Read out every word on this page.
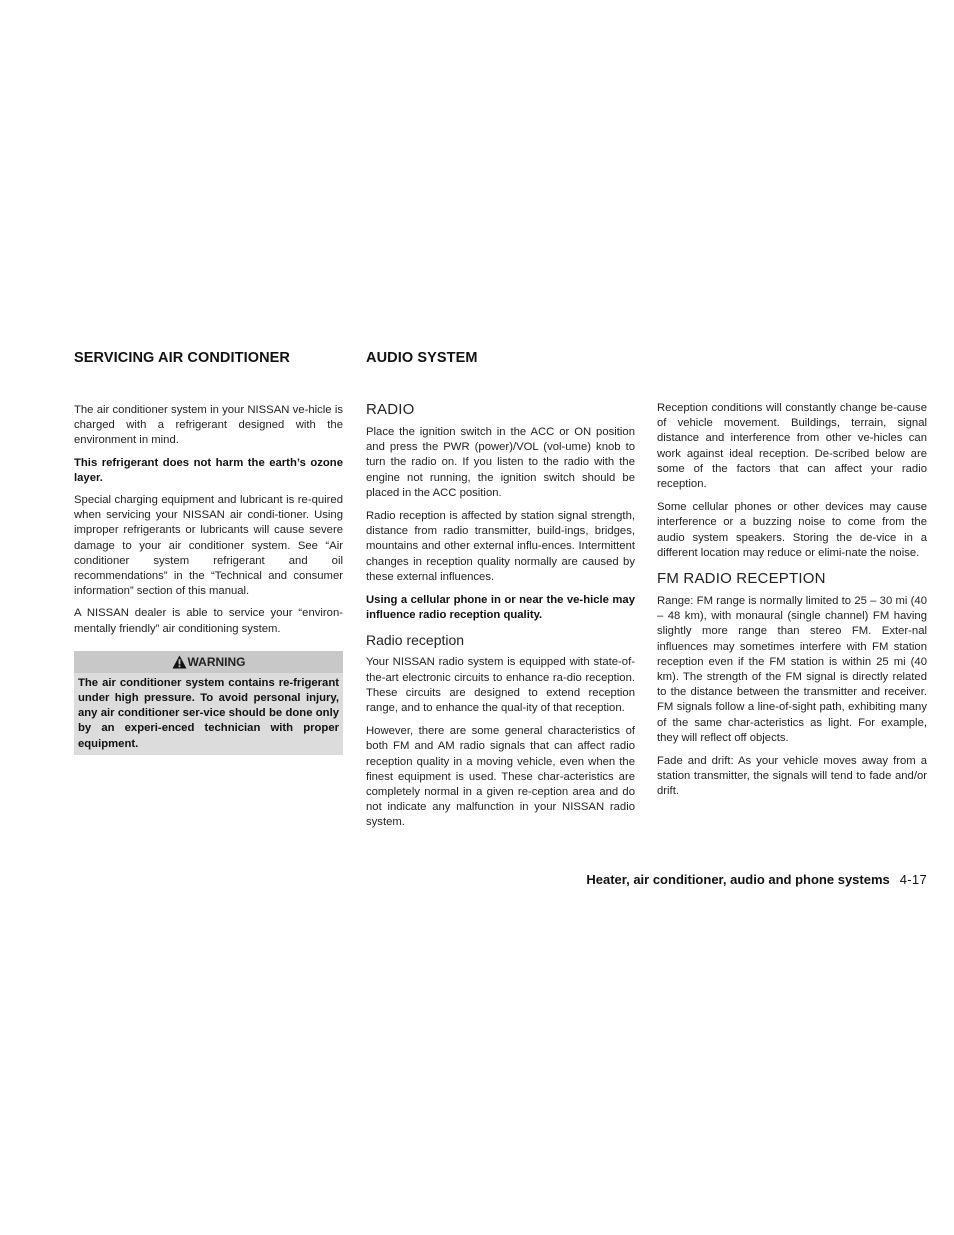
SERVICING AIR CONDITIONER

The air conditioner system in your NISSAN ve-hicle is charged with a refrigerant designed with the environment in mind.

This refrigerant does not harm the earth’s ozone layer.

Special charging equipment and lubricant is re-quired when servicing your NISSAN air condi-tioner. Using improper refrigerants or lubricants will cause severe damage to your air conditioner system. See “Air conditioner system refrigerant and oil recommendations” in the “Technical and consumer information” section of this manual.

A NISSAN dealer is able to service your “environ-mentally friendly” air conditioning system.

WARNING

The air conditioner system contains re-frigerant under high pressure. To avoid personal injury, any air conditioner ser-vice should be done only by an experi-enced technician with proper equipment.

AUDIO SYSTEM
RADIO

Place the ignition switch in the ACC or ON position and press the PWR (power)/VOL (vol-ume) knob to turn the radio on. If you listen to the radio with the engine not running, the ignition switch should be placed in the ACC position.

Radio reception is affected by station signal strength, distance from radio transmitter, build-ings, bridges, mountains and other external influ-ences. Intermittent changes in reception quality normally are caused by these external influences.

Using a cellular phone in or near the ve-hicle may influence radio reception quality.

Radio reception

Your NISSAN radio system is equipped with state-of-the-art electronic circuits to enhance ra-dio reception. These circuits are designed to extend reception range, and to enhance the qual-ity of that reception.

However, there are some general characteristics of both FM and AM radio signals that can affect radio reception quality in a moving vehicle, even when the finest equipment is used. These char-acteristics are completely normal in a given re-ception area and do not indicate any malfunction in your NISSAN radio system.

Reception conditions will constantly change be-cause of vehicle movement. Buildings, terrain, signal distance and interference from other ve-hicles can work against ideal reception. De-scribed below are some of the factors that can affect your radio reception.

Some cellular phones or other devices may cause interference or a buzzing noise to come from the audio system speakers. Storing the de-vice in a different location may reduce or elimi-nate the noise.

FM RADIO RECEPTION

Range: FM range is normally limited to 25 – 30 mi (40 – 48 km), with monaural (single channel) FM having slightly more range than stereo FM. Exter-nal influences may sometimes interfere with FM station reception even if the FM station is within 25 mi (40 km). The strength of the FM signal is directly related to the distance between the transmitter and receiver. FM signals follow a line-of-sight path, exhibiting many of the same char-acteristics as light. For example, they will reflect off objects.

Fade and drift: As your vehicle moves away from a station transmitter, the signals will tend to fade and/or drift.

Heater, air conditioner, audio and phone systems 4-17
